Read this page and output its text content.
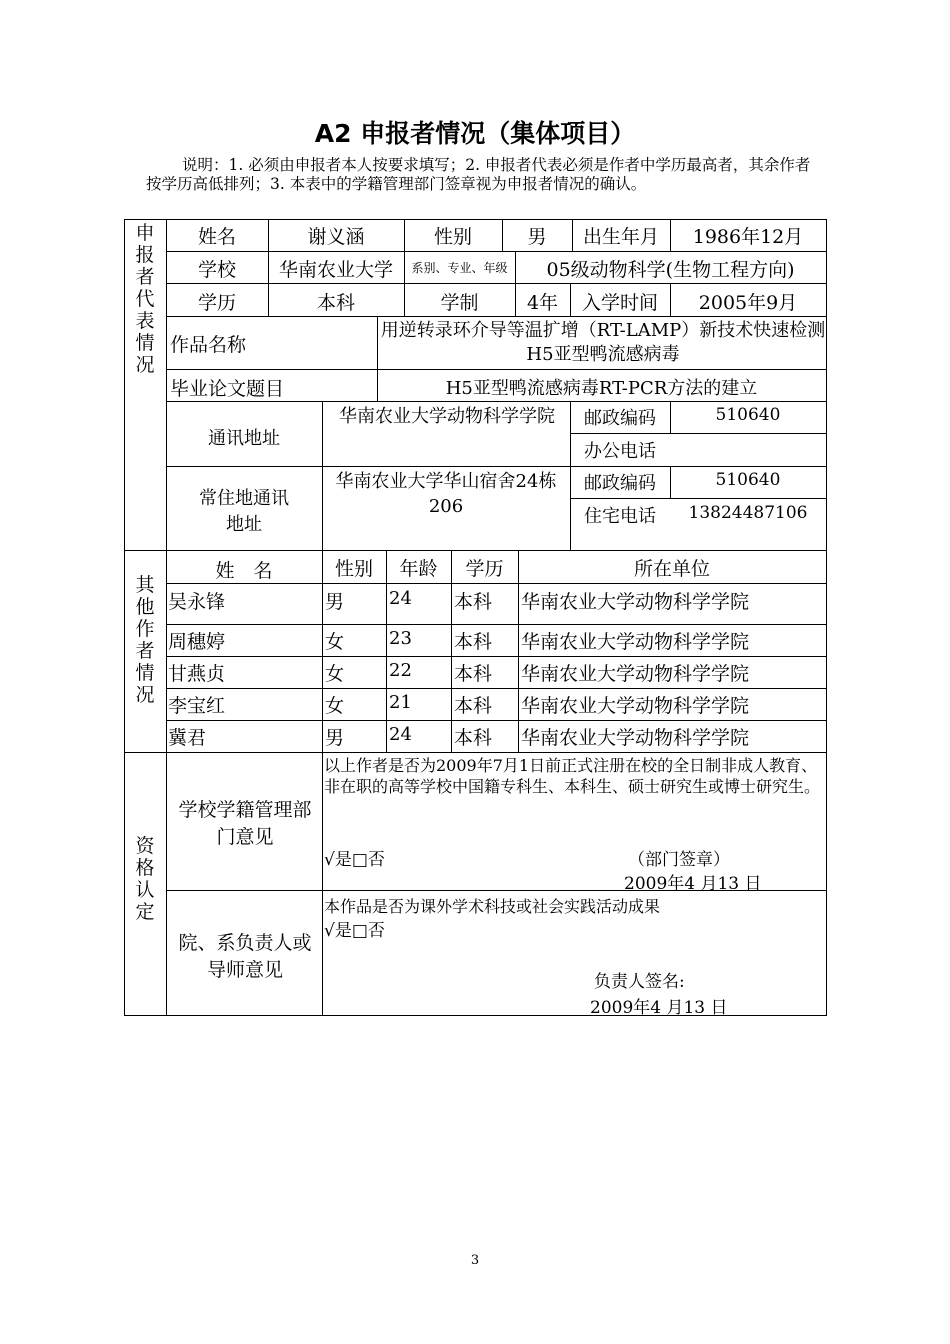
A2 申报者情况（集体项目）
说明：1. 必须由申报者本人按要求填写；2. 申报者代表必须是作者中学历最高者，其余作者按学历高低排列；3. 本表中的学籍管理部门签章视为申报者情况的确认。
申报者代表情况
其他作者情况
资格认定
姓名	谢义涵	性别	男	出生年月	1986年12月
学校	华南农业大学	系别、专业、年级	05级动物科学(生物工程方向)
学历	本科	学制	4年	入学时间	2005年9月
作品名称
用逆转录环介导等温扩增（RT-LAMP）新技术快速检测H5亚型鸭流感病毒
毕业论文题目	H5亚型鸭流感病毒RT-PCR方法的建立
通讯地址
华南农业大学动物科学学院	邮政编码	510640
办公电话
常住地通讯地址
华南农业大学华山宿舍24栋206
邮政编码	510640
住宅电话	13824487106
姓　名	性别	年龄	学历	所在单位
吴永锋	男	24	本科	华南农业大学动物科学学院
周穗婷	女	23	本科	华南农业大学动物科学学院
甘燕贞	女	22	本科	华南农业大学动物科学学院
李宝红	女	21	本科	华南农业大学动物科学学院
冀君	男	24	本科	华南农业大学动物科学学院
学校学籍管理部门意见
以上作者是否为2009年7月1日前正式注册在校的全日制非成人教育、非在职的高等学校中国籍专科生、本科生、硕士研究生或博士研究生。
√是□否	（部门签章）
2009年4 月13 日
院、系负责人或导师意见
本作品是否为课外学术科技或社会实践活动成果
√是□否
负责人签名:
2009年4 月13 日
3
